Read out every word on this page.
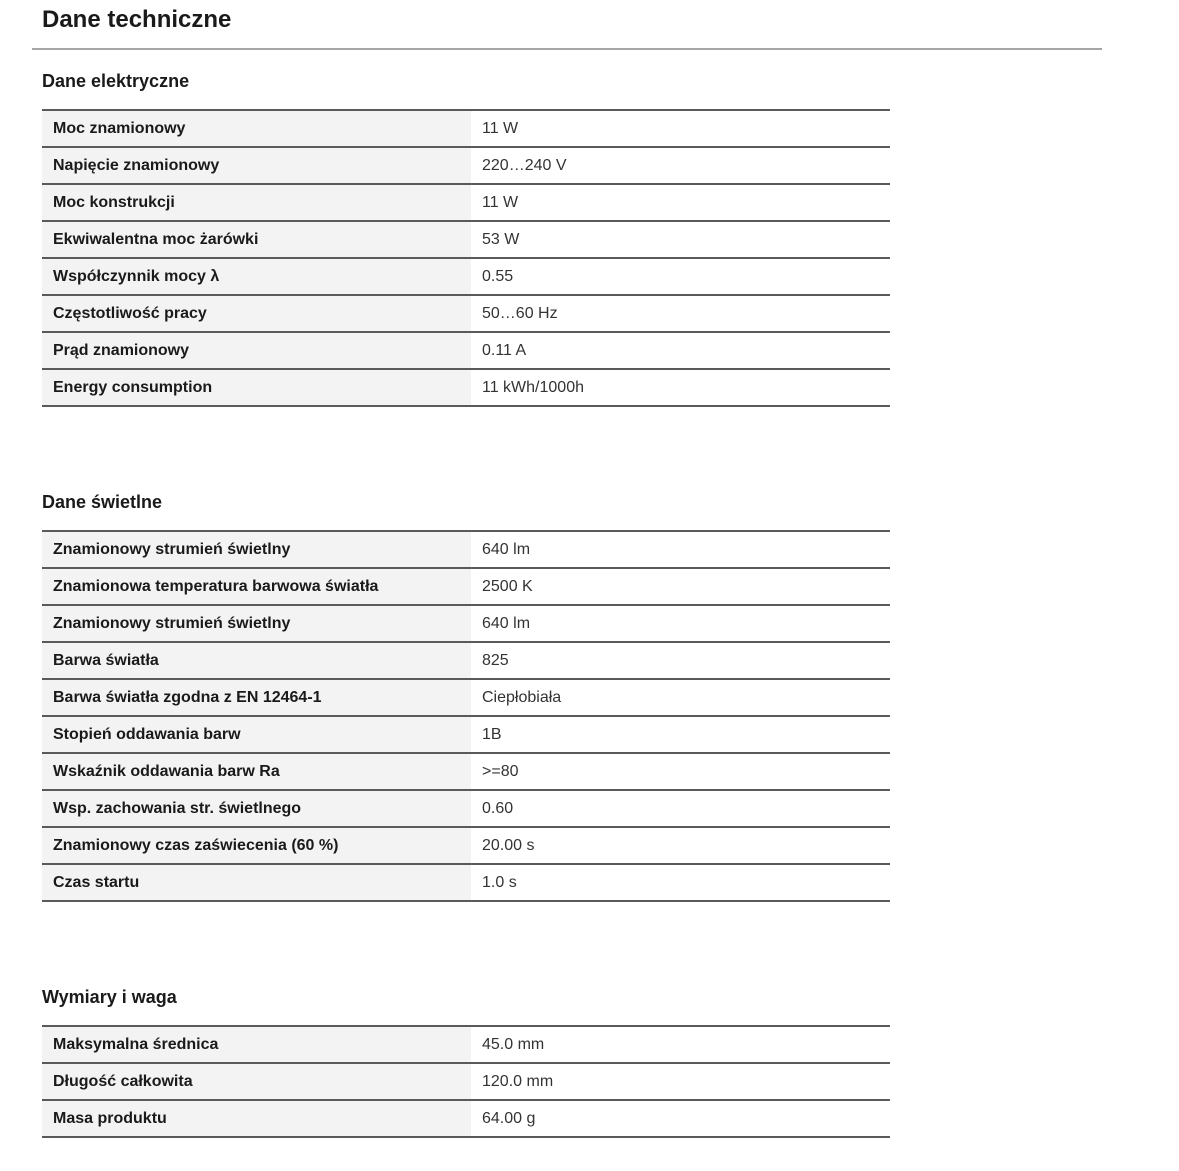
Dane techniczne
Dane elektryczne
Moc znamionowy	11 W
Napięcie znamionowy	220…240 V
Moc konstrukcji	11 W
Ekwiwalentna moc żarówki	53 W
Współczynnik mocy λ	0.55
Częstotliwość pracy	50…60 Hz
Prąd znamionowy	0.11 A
Energy consumption	11 kWh/1000h
Dane świetlne
Znamionowy strumień świetlny	640 lm
Znamionowa temperatura barwowa światła	2500 K
Znamionowy strumień świetlny	640 lm
Barwa światła	825
Barwa światła zgodna z EN 12464-1	Ciepłobiała
Stopień oddawania barw	1B
Wskaźnik oddawania barw Ra	>=80
Wsp. zachowania str. świetlnego	0.60
Znamionowy czas zaświecenia (60 %)	20.00 s
Czas startu	1.0 s
Wymiary i waga
Maksymalna średnica	45.0 mm
Długość całkowita	120.0 mm
Masa produktu	64.00 g
